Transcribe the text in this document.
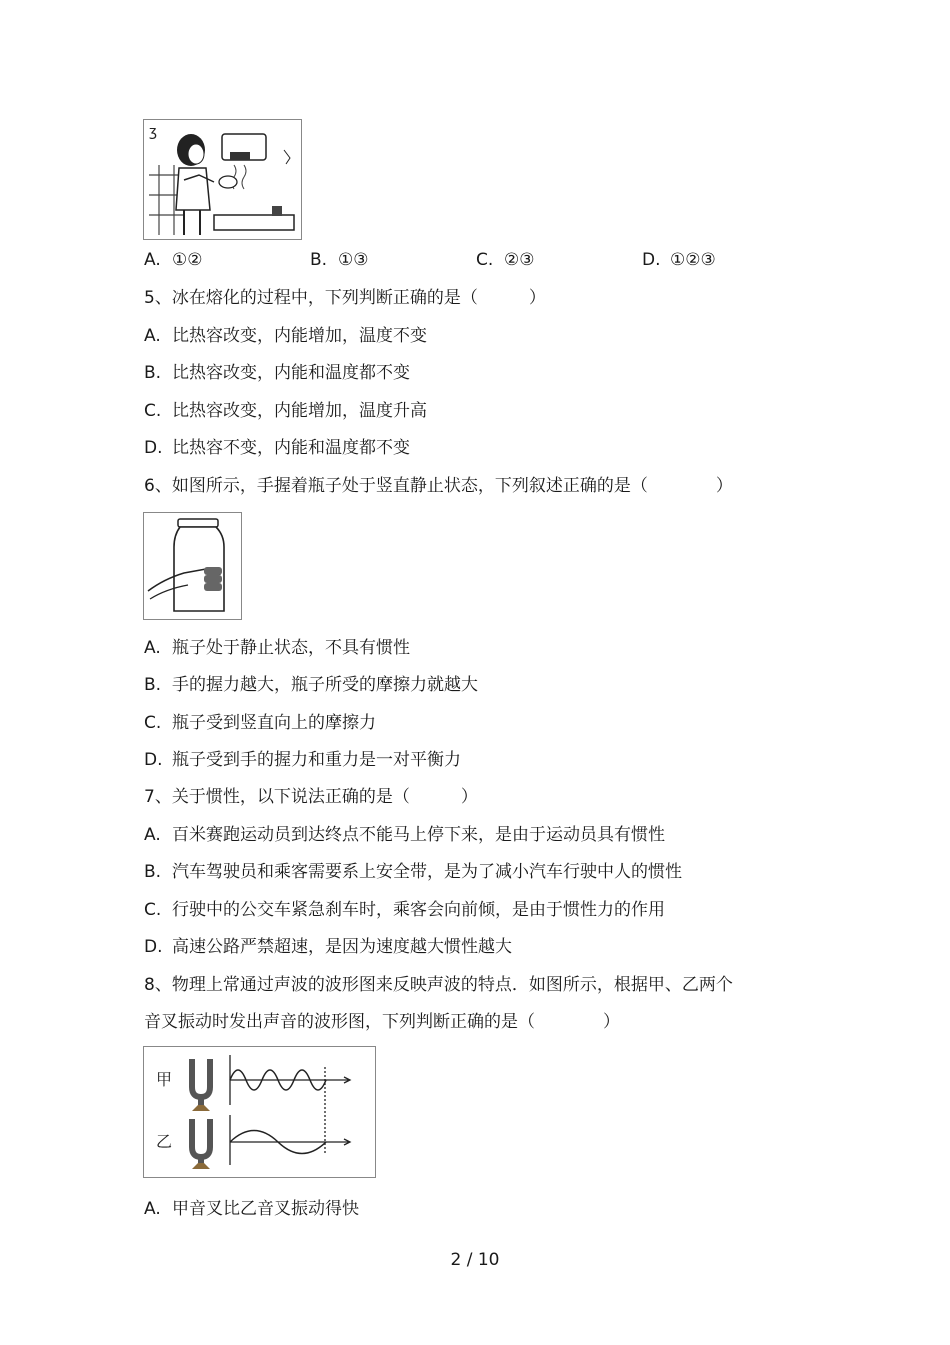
ʒ
A. ①②	B. ①③	C. ②③	D. ①②③
5、冰在熔化的过程中，下列判断正确的是（　　　）
A. 比热容改变，内能增加，温度不变
B. 比热容改变，内能和温度都不变
C. 比热容改变，内能增加，温度升高
D. 比热容不变，内能和温度都不变
6、如图所示，手握着瓶子处于竖直静止状态，下列叙述正确的是（　　　　）
A. 瓶子处于静止状态，不具有惯性
B. 手的握力越大，瓶子所受的摩擦力就越大
C. 瓶子受到竖直向上的摩擦力
D. 瓶子受到手的握力和重力是一对平衡力
7、关于惯性，以下说法正确的是（　　　）
A. 百米赛跑运动员到达终点不能马上停下来，是由于运动员具有惯性
B. 汽车驾驶员和乘客需要系上安全带，是为了减小汽车行驶中人的惯性
C. 行驶中的公交车紧急刹车时，乘客会向前倾，是由于惯性力的作用
D. 高速公路严禁超速，是因为速度越大惯性越大
8、物理上常通过声波的波形图来反映声波的特点．如图所示，根据甲、乙两个
音叉振动时发出声音的波形图，下列判断正确的是（　　　　）
甲
乙
A. 甲音叉比乙音叉振动得快
2 / 10
